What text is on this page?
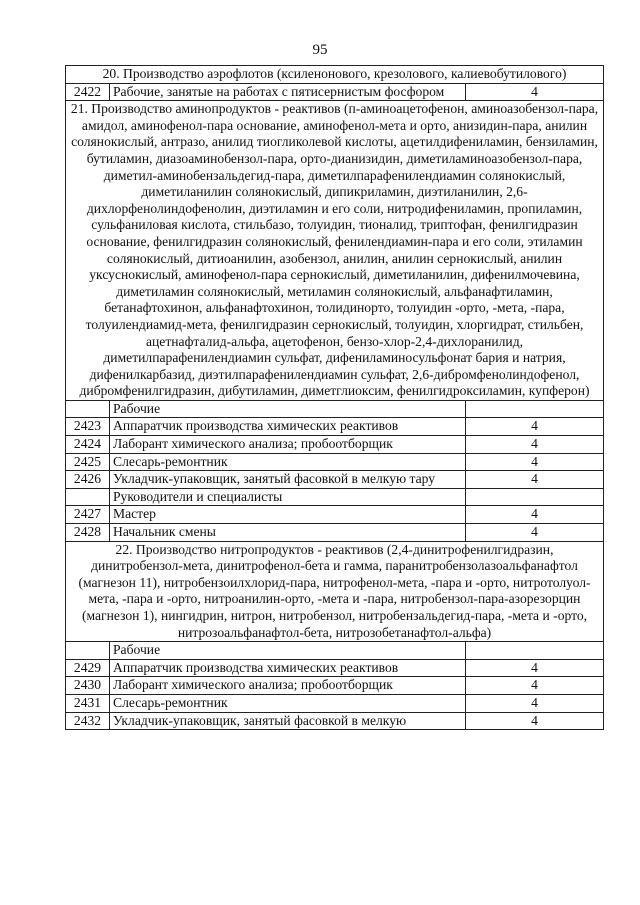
95
20. Производство аэрофлотов (ксиленонового, крезолового, калиевобутилового)		
2422	Рабочие, занятые на работах с пятисернистым фосфором	4
21. Производство аминопродуктов - реактивов (п-аминоацетофенон, аминоазобензол-пара, амидол, аминофенол-пара основание, аминофенол-мета и орто, анизидин-пара, анилин солянокислый, антразо, анилид тиогликолевой кислоты, ацетилдифениламин, бензиламин, бутиламин, диазоаминобензол-пара, орто-дианизидин, диметиламиноазобензол-пара, диметил-аминобензальдегид-пара, диметилпарафенилендиамин солянокислый, диметиланилин солянокислый, дипикриламин, диэтиланилин, 2,6-дихлорфенолиндофенолин, диэтиламин и его соли, нитродифениламин, пропиламин, сульфаниловая кислота, стильбазо, толуидин, тионалид, триптофан, фенилгидразин основание, фенилгидразин солянокислый, фенилендиамин-пара и его соли, этиламин солянокислый, дитиоанилин, азобензол, анилин, анилин сернокислый, анилин уксуснокислый, аминофенол-пара сернокислый, диметиланилин, дифенилмочевина, диметиламин солянокислый, метиламин солянокислый, альфанафтиламин, бетанафтохинон, альфанафтохинон, толидинорто, толуидин -орто, -мета, -пара, толуилендиамид-мета, фенилгидразин сернокислый, толуидин, хлоргидрат, стильбен, ацетнафталид-альфа, ацетофенон, бензо-хлор-2,4-дихлоранилид, диметилпарафенилендиамин сульфат, дифениламиносульфонат бария и натрия, дифенилкарбазид, диэтилпарафенилендиамин сульфат, 2,6-дибромфенолиндофенол, дибромфенилгидразин, дибутиламин, диметглиоксим, фенилгидроксиламин, купферон)		
	Рабочие	
2423	Аппаратчик производства химических реактивов	4
2424	Лаборант химического анализа; пробоотборщик	4
2425	Слесарь-ремонтник	4
2426	Укладчик-упаковщик, занятый фасовкой в мелкую тару	4
	Руководители и специалисты	
2427	Мастер	4
2428	Начальник смены	4
22. Производство нитропродуктов - реактивов (2,4-динитрофенилгидразин, динитробензол-мета, динитрофенол-бета и гамма, паранитробензолазоальфанафтол (магнезон 11), нитробензоилхлорид-пара, нитрофенол-мета, -пара и -орто, нитротолуол-мета, -пара и -орто, нитроанилин-орто, -мета и -пара, нитробензол-пара-азорезорцин (магнезон 1), нингидрин, нитрон, нитробензол, нитробензальдегид-пара, -мета и -орто, нитрозоальфанафтол-бета, нитрозобетанафтол-альфа)		
	Рабочие	
2429	Аппаратчик производства химических реактивов	4
2430	Лаборант химического анализа; пробоотборщик	4
2431	Слесарь-ремонтник	4
2432	Укладчик-упаковщик, занятый фасовкой в мелкую	4
